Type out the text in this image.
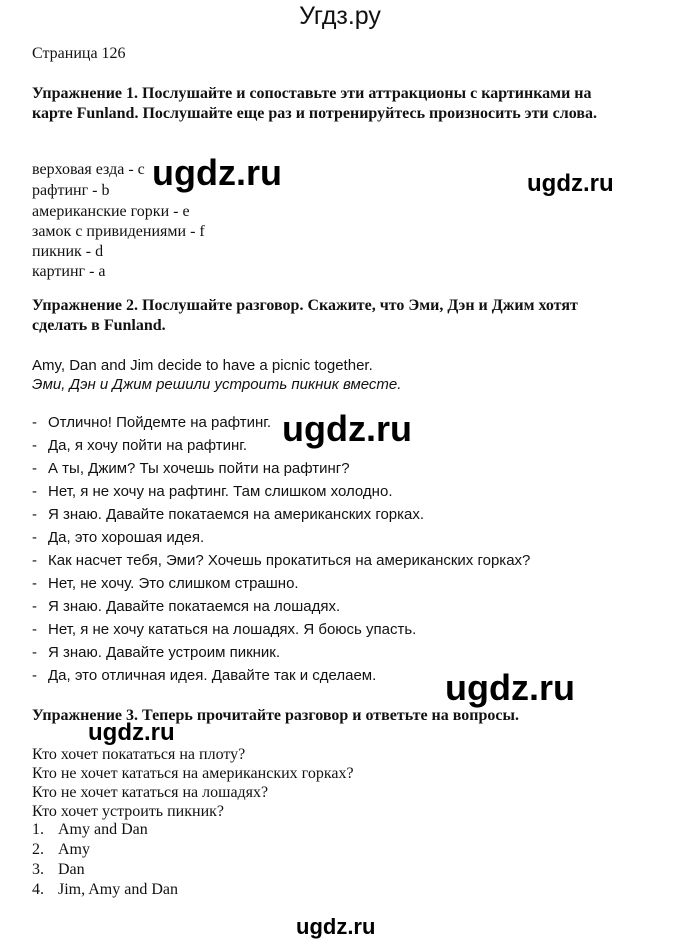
Угдз.ру
Страница 126
Упражнение 1. Послушайте и сопоставьте эти аттракционы с картинками на карте Funland. Послушайте еще раз и потренируйтесь произносить эти слова.
верховая езда - c
рафтинг - b
американские горки - e
замок с привидениями - f
пикник - d
картинг - a
Упражнение 2. Послушайте разговор. Скажите, что Эми, Дэн и Джим хотят сделать в Funland.
Amy, Dan and Jim decide to have a picnic together.
Эми, Дэн и Джим решили устроить пикник вместе.
- Отлично! Пойдемте на рафтинг.
- Да, я хочу пойти на рафтинг.
- А ты, Джим? Ты хочешь пойти на рафтинг?
- Нет, я не хочу на рафтинг. Там слишком холодно.
- Я знаю. Давайте покатаемся на американских горках.
- Да, это хорошая идея.
- Как насчет тебя, Эми? Хочешь прокатиться на американских горках?
- Нет, не хочу. Это слишком страшно.
- Я знаю. Давайте покатаемся на лошадях.
- Нет, я не хочу кататься на лошадях. Я боюсь упасть.
- Я знаю. Давайте устроим пикник.
- Да, это отличная идея. Давайте так и сделаем.
Упражнение 3. Теперь прочитайте разговор и ответьте на вопросы.
Кто хочет покататься на плоту?
Кто не хочет кататься на американских горках?
Кто не хочет кататься на лошадях?
Кто хочет устроить пикник?
1. Amy and Dan
2. Amy
3. Dan
4. Jim, Amy and Dan
ugdz.ru	ugdz.ru
ugdz.ru
ugdz.ru
ugdz.ru
ugdz.ru
